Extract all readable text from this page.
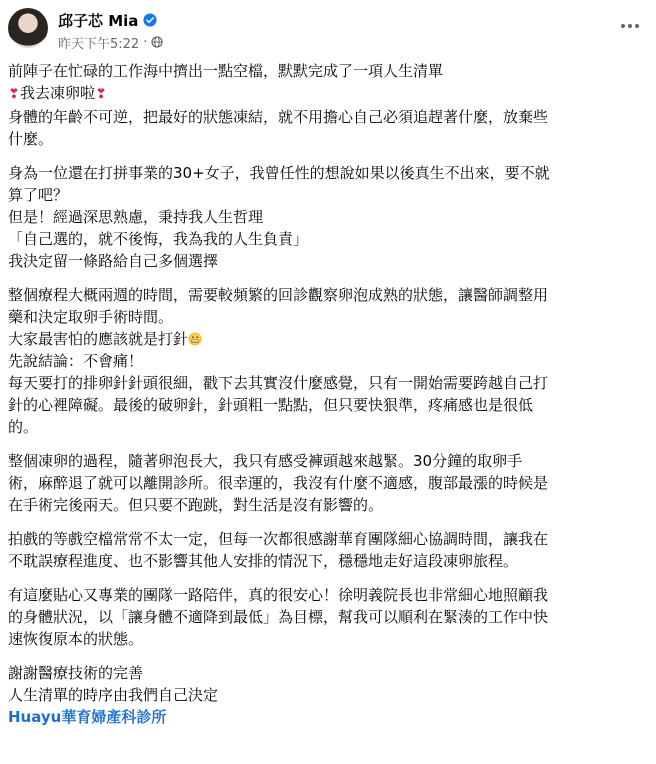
邱子芯 Mia
昨天下午5:22 ·

前陣子在忙碌的工作海中擠出一點空檔，默默完成了一項人生清單

❣我去凍卵啦❣

身體的年齡不可逆，把最好的狀態凍結，就不用擔心自己必須追趕著什麼，放棄些

什麼。

身為一位還在打拼事業的30+女子，我曾任性的想說如果以後真生不出來，要不就

算了吧？

但是！經過深思熟慮，秉持我人生哲理

「自己選的，就不後悔，我為我的人生負責」

我決定留一條路給自己多個選擇

整個療程大概兩週的時間，需要較頻繁的回診觀察卵泡成熟的狀態，讓醫師調整用

藥和決定取卵手術時間。

大家最害怕的應該就是打針

先說結論：不會痛！

每天要打的排卵針針頭很細，戳下去其實沒什麼感覺，只有一開始需要跨越自己打

針的心裡障礙。最後的破卵針，針頭粗一點點，但只要快狠準，疼痛感也是很低

的。

整個凍卵的過程，隨著卵泡長大，我只有感受褲頭越來越緊。30分鐘的取卵手

術，麻醉退了就可以離開診所。很幸運的，我沒有什麼不適感，腹部最漲的時候是

在手術完後兩天。但只要不跑跳，對生活是沒有影響的。

拍戲的等戲空檔常常不太一定，但每一次都很感謝華育團隊細心協調時間，讓我在

不耽誤療程進度、也不影響其他人安排的情況下，穩穩地走好這段凍卵旅程。

有這麼貼心又專業的團隊一路陪伴，真的很安心！徐明義院長也非常細心地照顧我

的身體狀況，以「讓身體不適降到最低」為目標，幫我可以順利在緊湊的工作中快

速恢復原本的狀態。

謝謝醫療技術的完善

人生清單的時序由我們自己決定

Huayu華育婦產科診所
